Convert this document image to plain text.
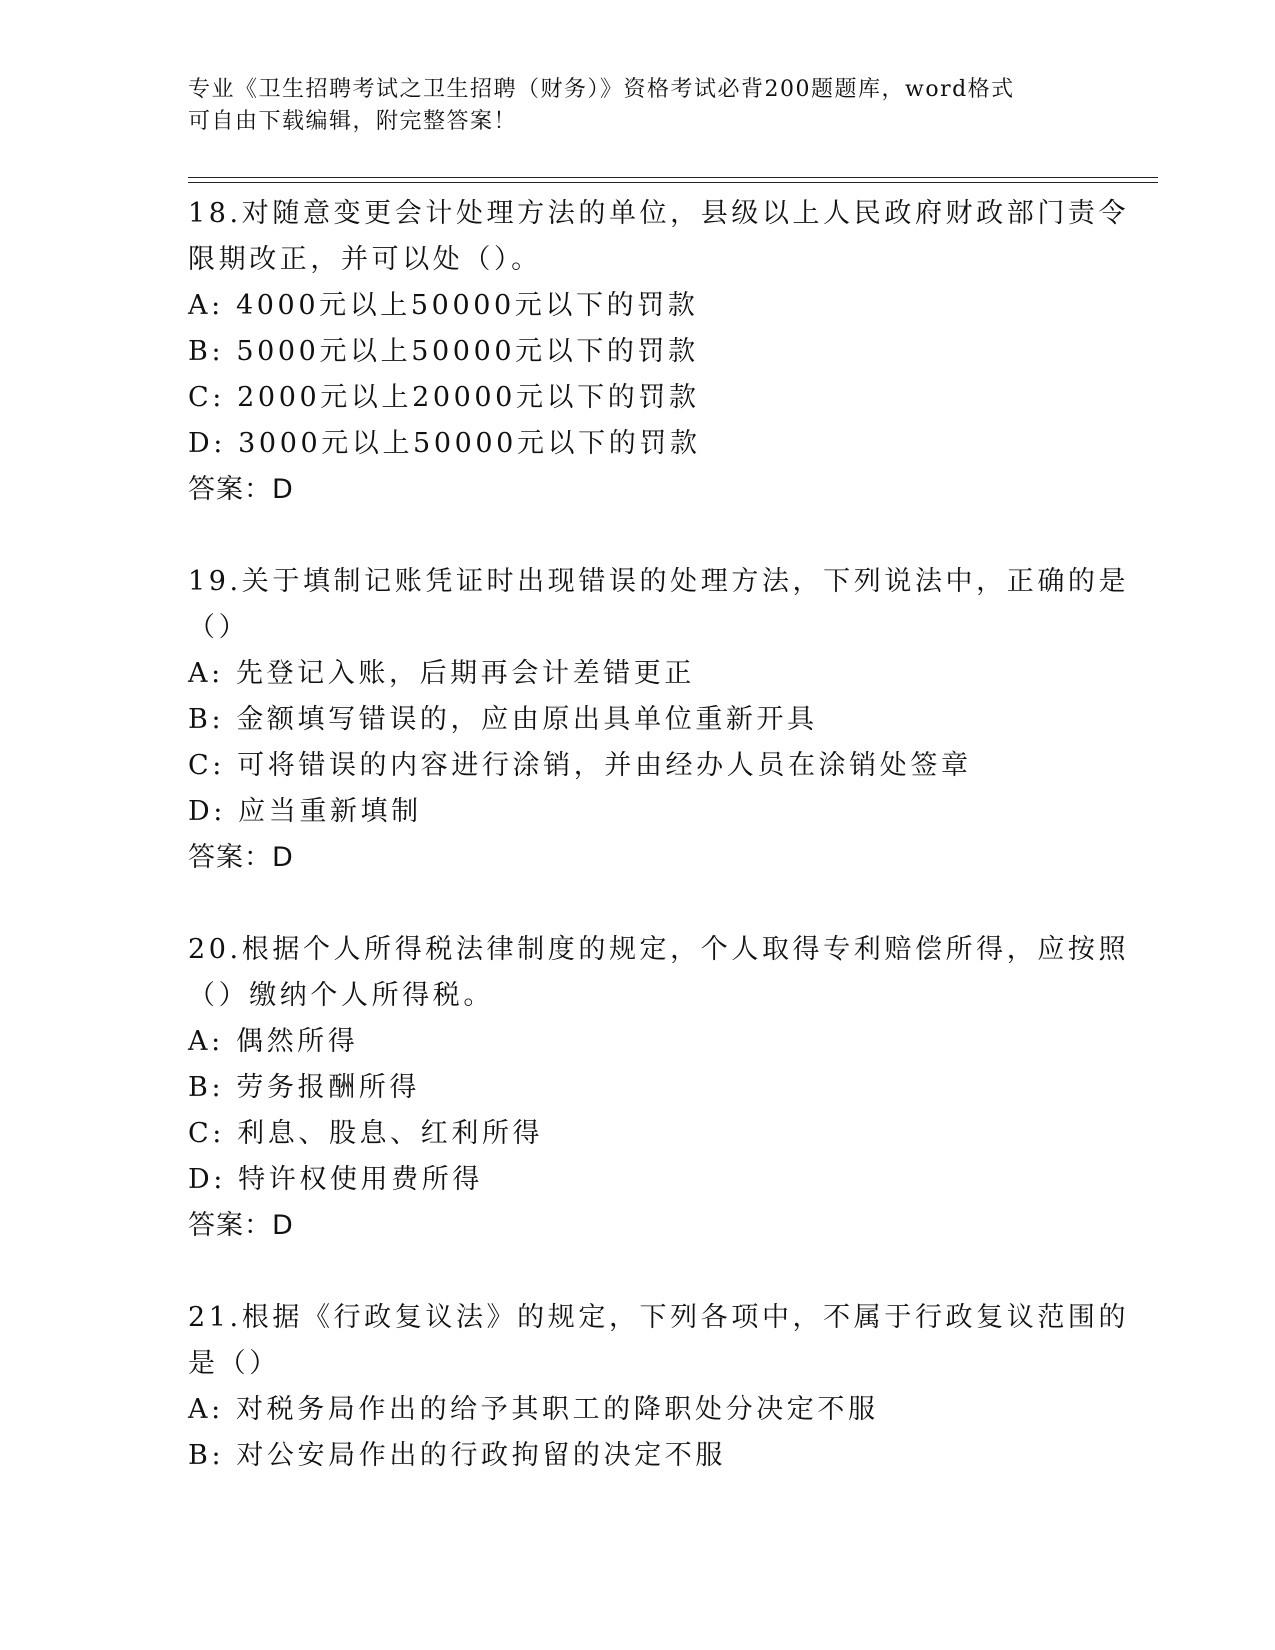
专业《卫生招聘考试之卫生招聘（财务）》资格考试必背200题题库，word格式
可自由下载编辑，附完整答案！
18.对随意变更会计处理方法的单位，县级以上人民政府财政部门责令
限期改正，并可以处（）。
A: 4000元以上50000元以下的罚款
B: 5000元以上50000元以下的罚款
C: 2000元以上20000元以下的罚款
D: 3000元以上50000元以下的罚款
答案：D
19.关于填制记账凭证时出现错误的处理方法，下列说法中，正确的是
（）
A: 先登记入账，后期再会计差错更正
B: 金额填写错误的，应由原出具单位重新开具
C: 可将错误的内容进行涂销，并由经办人员在涂销处签章
D: 应当重新填制
答案：D
20.根据个人所得税法律制度的规定，个人取得专利赔偿所得，应按照
（）缴纳个人所得税。
A: 偶然所得
B: 劳务报酬所得
C: 利息、股息、红利所得
D: 特许权使用费所得
答案：D
21.根据《行政复议法》的规定，下列各项中，不属于行政复议范围的
是（）
A: 对税务局作出的给予其职工的降职处分决定不服
B: 对公安局作出的行政拘留的决定不服
